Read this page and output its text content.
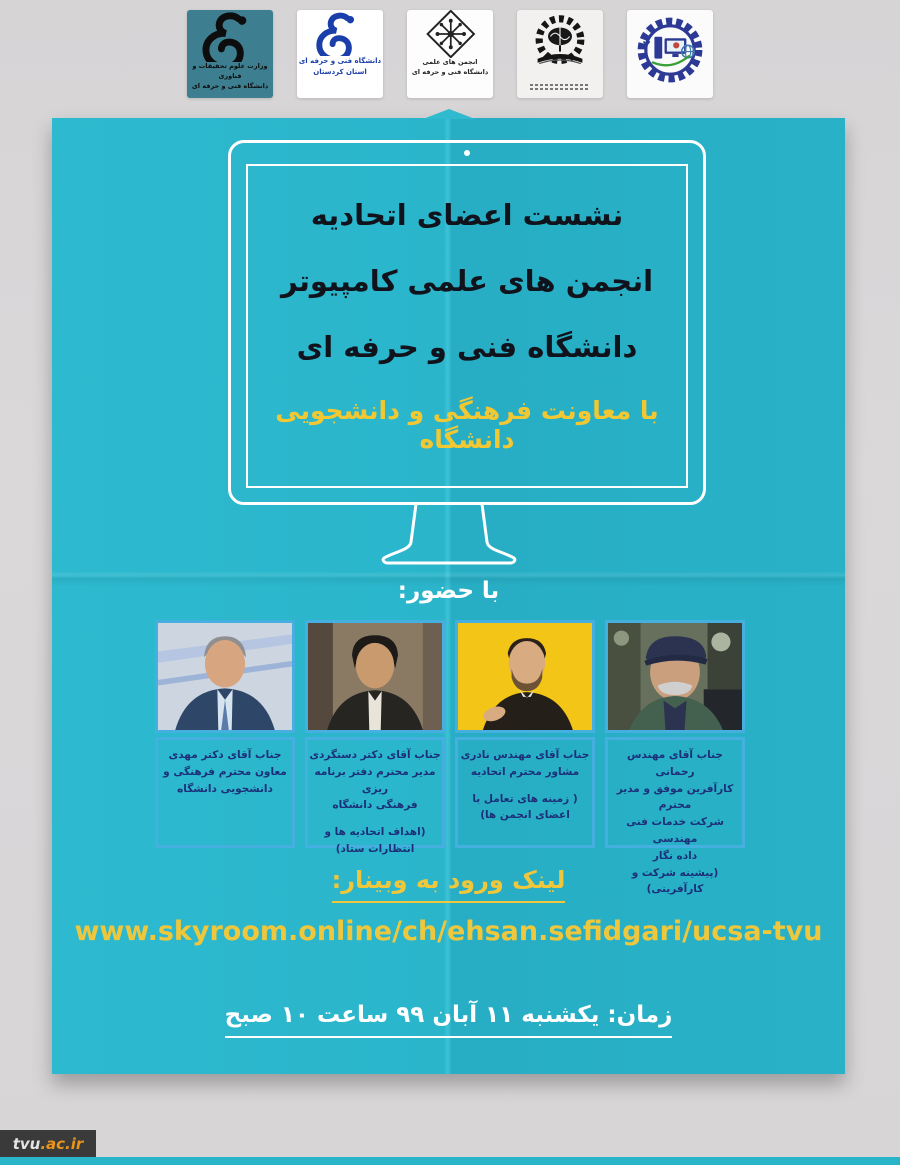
وزارت علوم تحقیقات و فناوری
دانشگاه فنی و حرفه ای
دانشگاه فنی و حرفه ای
استان کردستان
انجمن های علمی
دانشگاه فنی و حرفه ای
نشست اعضای اتحادیه
انجمن های علمی کامپیوتر
دانشگاه فنی و حرفه ای
با معاونت فرهنگی و دانشجویی دانشگاه
با حضور:
جناب آقای دکتر مهدی
معاون محترم فرهنگی و
دانشجویی دانشگاه
جناب آقای دکتر دستگردی
مدیر محترم دفتر برنامه ریزی
فرهنگی دانشگاه
(اهداف اتحادیه ها و انتظارات ستاد)
جناب آقای مهندس نادری
مشاور محترم اتحادیه
( زمینه های تعامل با اعضای انجمن ها)
جناب آقای مهندس رحمانی
کارآفرین موفق و مدیر محترم
شرکت خدمات فنی مهندسی
داده نگار
(پیشینه شرکت و کارآفرینی)
لینک ورود به وبینار:
www.skyroom.online/ch/ehsan.sefidgari/ucsa-tvu
زمان: یکشنبه ۱۱ آبان ۹۹ ساعت ۱۰ صبح
tvu .ac.ir
